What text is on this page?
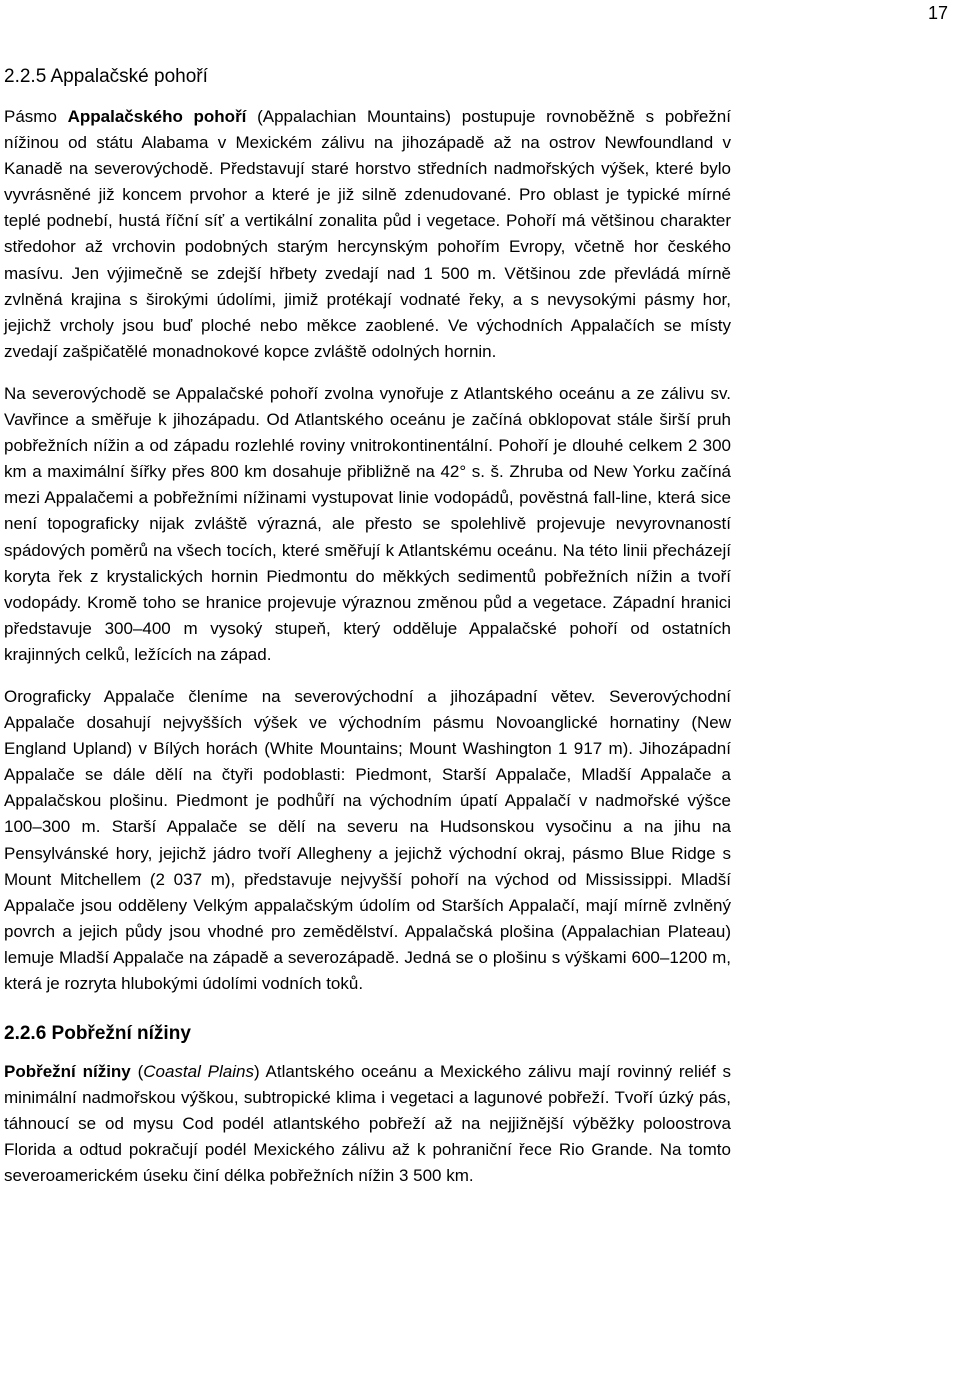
17
2.2.5 Appalačské pohoří

Pásmo Appalačského pohoří (Appalachian Mountains) postupuje rovnoběžně s pobřežní nížinou od státu Alabama v Mexickém zálivu na jihozápadě až na ostrov Newfoundland v Kanadě na severovýchodě. Představují staré horstvo středních nadmořských výšek, které bylo vyvrásněné již koncem prvohor a které je již silně zdenudované. Pro oblast je typické mírné teplé podnebí, hustá říční síť a vertikální zonalita půd i vegetace. Pohoří má většinou charakter středohor až vrchovin podobných starým hercynským pohořím Evropy, včetně hor českého masívu. Jen výjimečně se zdejší hřbety zvedají nad 1 500 m. Většinou zde převládá mírně zvlněná krajina s širokými údolími, jimiž protékají vodnaté řeky, a s nevysokými pásmy hor, jejichž vrcholy jsou buď ploché nebo měkce zaoblené. Ve východních Appalačích se místy zvedají zašpičatělé monadnokové kopce zvláště odolných hornin.

Na severovýchodě se Appalačské pohoří zvolna vynořuje z Atlantského oceánu a ze zálivu sv. Vavřince a směřuje k jihozápadu. Od Atlantského oceánu je začíná obklopovat stále širší pruh pobřežních nížin a od západu rozlehlé roviny vnitrokontinentální. Pohoří je dlouhé celkem 2 300 km a maximální šířky přes 800 km dosahuje přibližně na 42° s. š. Zhruba od New Yorku začíná mezi Appalačemi a pobřežními nížinami vystupovat linie vodopádů, pověstná fall-line, která sice není topograficky nijak zvláště výrazná, ale přesto se spolehlivě projevuje nevyrovnaností spádových poměrů na všech tocích, které směřují k Atlantskému oceánu. Na této linii přecházejí koryta řek z krystalických hornin Piedmontu do měkkých sedimentů pobřežních nížin a tvoří vodopády. Kromě toho se hranice projevuje výraznou změnou půd a vegetace. Západní hranici představuje 300–400 m vysoký stupeň, který odděluje Appalačské pohoří od ostatních krajinných celků, ležících na západ.

Orograficky Appalače členíme na severovýchodní a jihozápadní větev. Severovýchodní Appalače dosahují nejvyšších výšek ve východním pásmu Novoanglické hornatiny (New England Upland) v Bílých horách (White Mountains; Mount Washington 1 917 m). Jihozápadní Appalače se dále dělí na čtyři podoblasti: Piedmont, Starší Appalače, Mladší Appalače a Appalačskou plošinu. Piedmont je podhůří na východním úpatí Appalačí v nadmořské výšce 100–300 m. Starší Appalače se dělí na severu na Hudsonskou vysočinu a na jihu na Pensylvánské hory, jejichž jádro tvoří Allegheny a jejichž východní okraj, pásmo Blue Ridge s Mount Mitchellem (2 037 m), představuje nejvyšší pohoří na východ od Mississippi. Mladší Appalače jsou odděleny Velkým appalačským údolím od Starších Appalačí, mají mírně zvlněný povrch a jejich půdy jsou vhodné pro zemědělství. Appalačská plošina (Appalachian Plateau) lemuje Mladší Appalače na západě a severozápadě. Jedná se o plošinu s výškami 600–1200 m, která je rozryta hlubokými údolími vodních toků.

2.2.6 Pobřežní nížiny

Pobřežní nížiny (Coastal Plains) Atlantského oceánu a Mexického zálivu mají rovinný reliéf s minimální nadmořskou výškou, subtropické klima i vegetaci a lagunové pobřeží. Tvoří úzký pás, táhnoucí se od mysu Cod podél atlantského pobřeží až na nejjižnější výběžky poloostrova Florida a odtud pokračují podél Mexického zálivu až k pohraniční řece Rio Grande. Na tomto severoamerickém úseku činí délka pobřežních nížin 3 500 km.
